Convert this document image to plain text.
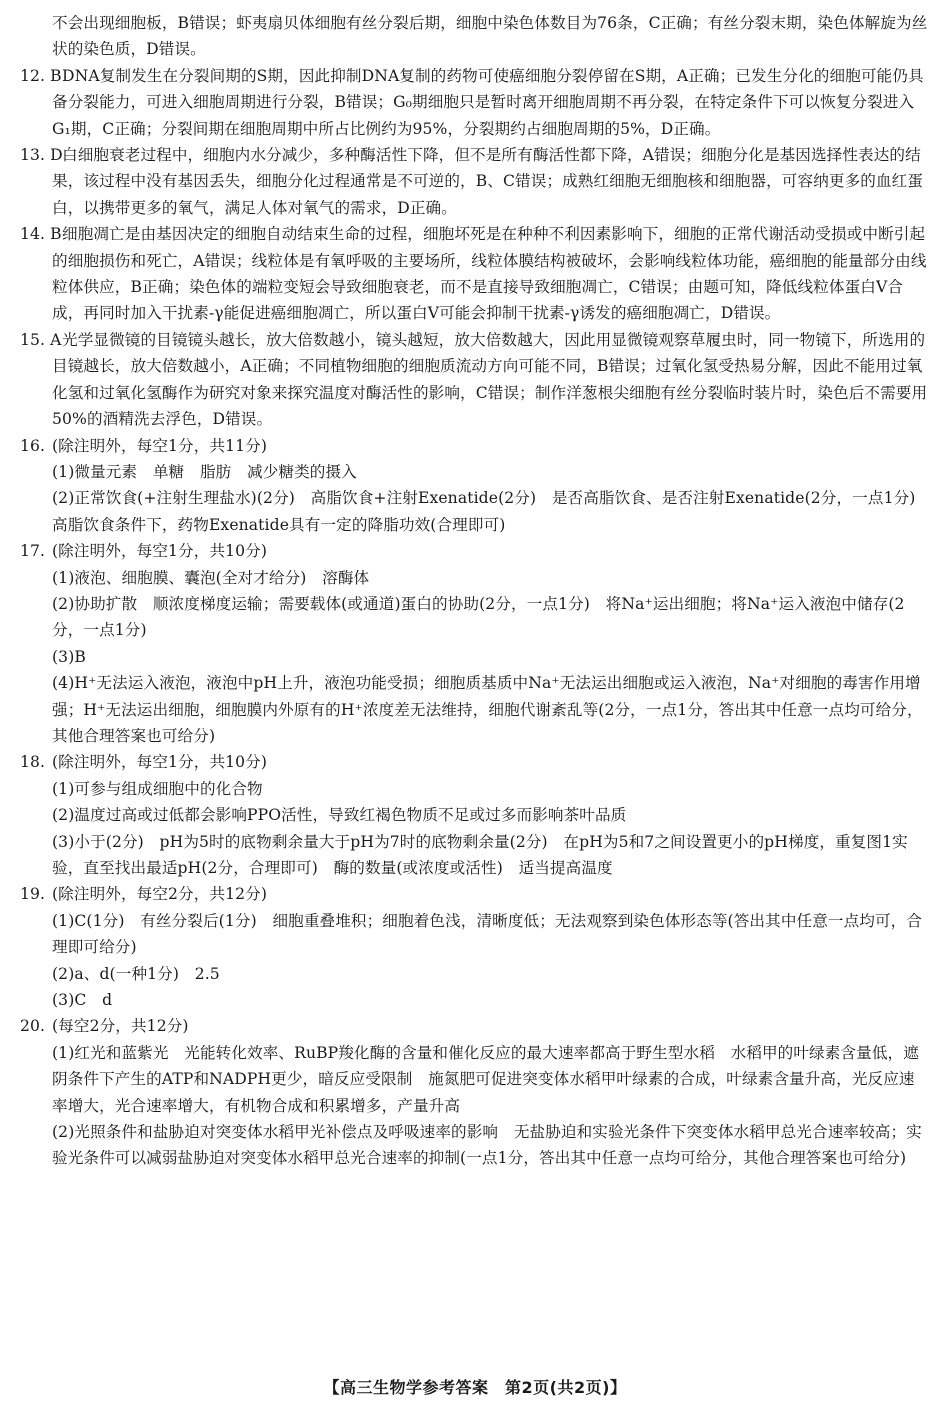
不会出现细胞板，B错误；虾夷扇贝体细胞有丝分裂后期，细胞中染色体数目为76条，C正确；有丝分裂末期，染色体解旋为丝状的染色质，D错误。

12. B DNA复制发生在分裂间期的S期，因此抑制DNA复制的药物可使癌细胞分裂停留在S期，A正确；已发生分化的细胞可能仍具备分裂能力，可进入细胞周期进行分裂，B错误；G₀期细胞只是暂时离开细胞周期不再分裂，在特定条件下可以恢复分裂进入G₁期，C正确；分裂间期在细胞周期中所占比例约为95%，分裂期约占细胞周期的5%，D正确。
13. D 白细胞衰老过程中，细胞内水分减少，多种酶活性下降，但不是所有酶活性都下降，A错误；细胞分化是基因选择性表达的结果，该过程中没有基因丢失，细胞分化过程通常是不可逆的，B、C错误；成熟红细胞无细胞核和细胞器，可容纳更多的血红蛋白，以携带更多的氧气，满足人体对氧气的需求，D正确。
14. B 细胞凋亡是由基因决定的细胞自动结束生命的过程，细胞坏死是在种种不利因素影响下，细胞的正常代谢活动受损或中断引起的细胞损伤和死亡，A错误；线粒体是有氧呼吸的主要场所，线粒体膜结构被破坏，会影响线粒体功能，癌细胞的能量部分由线粒体供应，B正确；染色体的端粒变短会导致细胞衰老，而不是直接导致细胞凋亡，C错误；由题可知，降低线粒体蛋白V合成，再同时加入干扰素-γ能促进癌细胞凋亡，所以蛋白V可能会抑制干扰素-γ诱发的癌细胞凋亡，D错误。
15. A 光学显微镜的目镜镜头越长，放大倍数越小，镜头越短，放大倍数越大，因此用显微镜观察草履虫时，同一物镜下，所选用的目镜越长，放大倍数越小，A正确；不同植物细胞的细胞质流动方向可能不同，B错误；过氧化氢受热易分解，因此不能用过氧化氢和过氧化氢酶作为研究对象来探究温度对酶活性的影响，C错误；制作洋葱根尖细胞有丝分裂临时装片时，染色后不需要用50%的酒精洗去浮色，D错误。
16. (除注明外，每空1分，共11分)

(1)微量元素　单糖　脂肪　减少糖类的摄入

(2)正常饮食(+注射生理盐水)(2分)　高脂饮食+注射Exenatide(2分)　是否高脂饮食、是否注射Exenatide(2分，一点1分)　高脂饮食条件下，药物Exenatide具有一定的降脂功效(合理即可)

17. (除注明外，每空1分，共10分)

(1)液泡、细胞膜、囊泡(全对才给分)　溶酶体

(2)协助扩散　顺浓度梯度运输；需要载体(或通道)蛋白的协助(2分，一点1分)　将Na⁺运出细胞；将Na⁺运入液泡中储存(2分，一点1分)

(3)B

(4)H⁺无法运入液泡，液泡中pH上升，液泡功能受损；细胞质基质中Na⁺无法运出细胞或运入液泡，Na⁺对细胞的毒害作用增强；H⁺无法运出细胞，细胞膜内外原有的H⁺浓度差无法维持，细胞代谢紊乱等(2分，一点1分，答出其中任意一点均可给分，其他合理答案也可给分)

18. (除注明外，每空1分，共10分)

(1)可参与组成细胞中的化合物

(2)温度过高或过低都会影响PPO活性，导致红褐色物质不足或过多而影响茶叶品质

(3)小于(2分)　pH为5时的底物剩余量大于pH为7时的底物剩余量(2分)　在pH为5和7之间设置更小的pH梯度，重复图1实验，直至找出最适pH(2分，合理即可)　酶的数量(或浓度或活性)　适当提高温度

19. (除注明外，每空2分，共12分)

(1)C(1分)　有丝分裂后(1分)　细胞重叠堆积；细胞着色浅，清晰度低；无法观察到染色体形态等(答出其中任意一点均可，合理即可给分)

(2)a、d(一种1分)　2.5

(3)C　d

20. (每空2分，共12分)

(1)红光和蓝紫光　光能转化效率、RuBP羧化酶的含量和催化反应的最大速率都高于野生型水稻　水稻甲的叶绿素含量低，遮阴条件下产生的ATP和NADPH更少，暗反应受限制　施氮肥可促进突变体水稻甲叶绿素的合成，叶绿素含量升高，光反应速率增大，光合速率增大，有机物合成和积累增多，产量升高

(2)光照条件和盐胁迫对突变体水稻甲光补偿点及呼吸速率的影响　无盐胁迫和实验光条件下突变体水稻甲总光合速率较高；实验光条件可以减弱盐胁迫对突变体水稻甲总光合速率的抑制(一点1分，答出其中任意一点均可给分，其他合理答案也可给分)

【高三生物学参考答案　第2页(共2页)】
